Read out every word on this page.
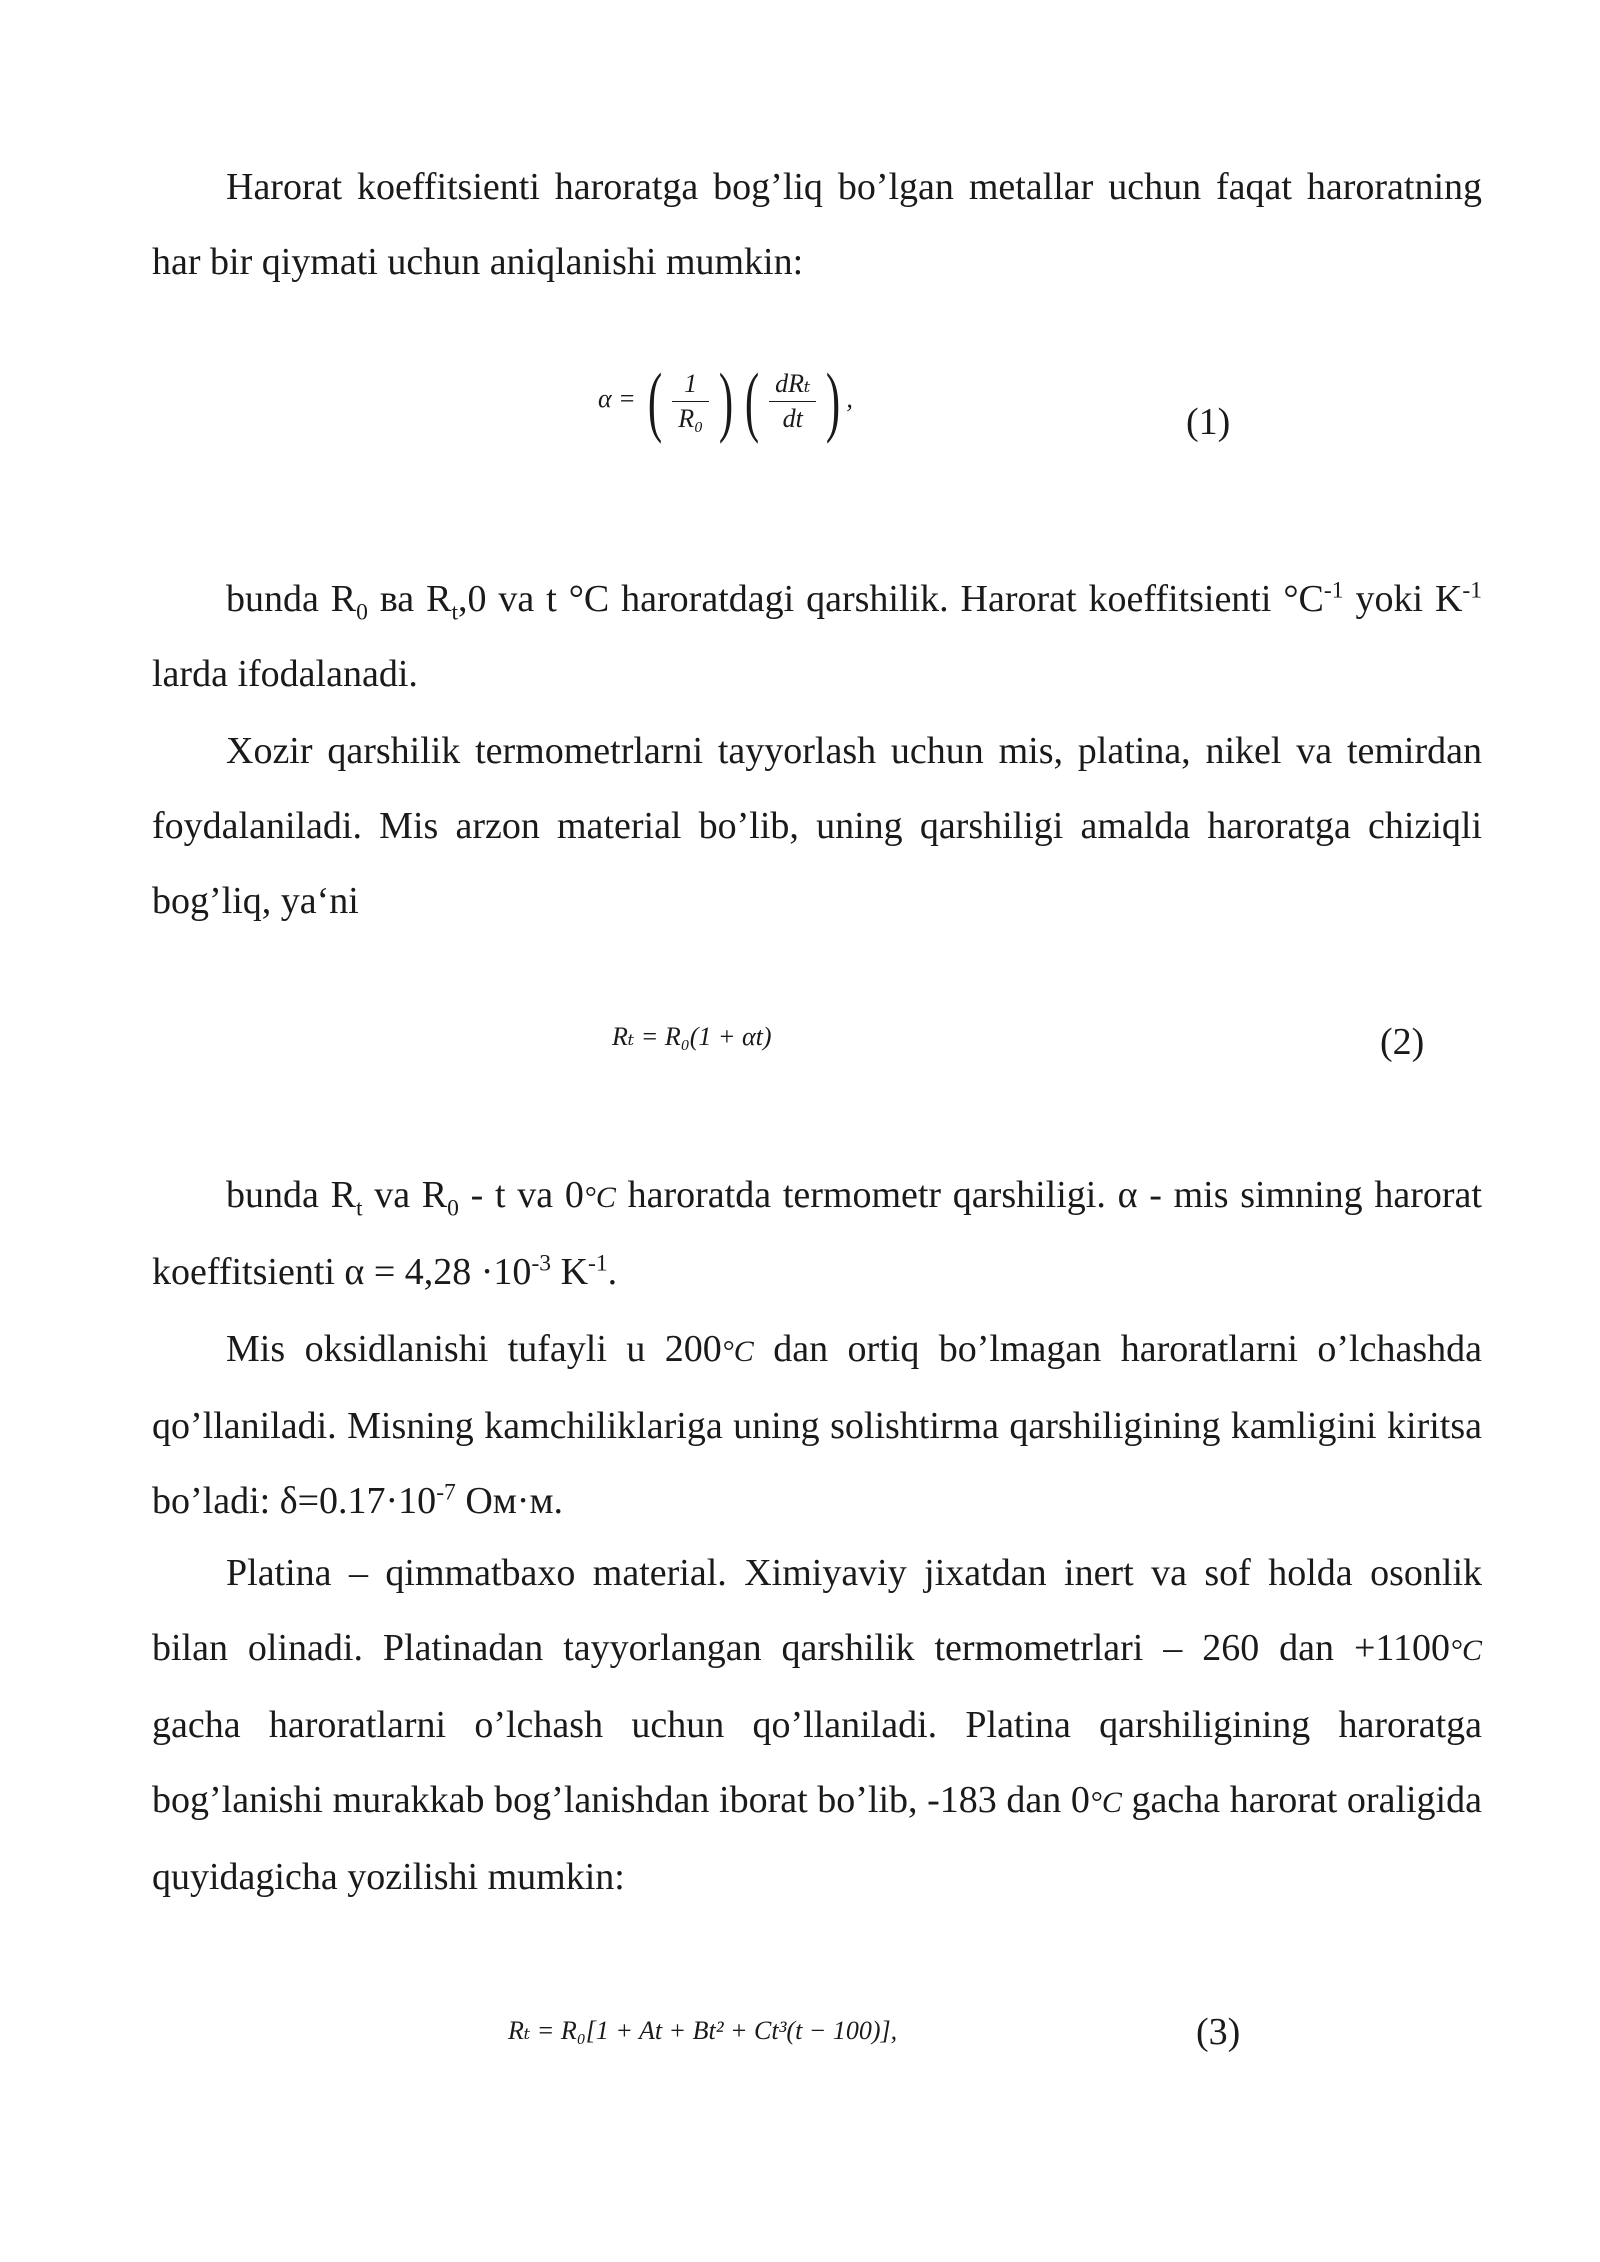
Harorat koeffitsienti haroratga bog’liq bo’lgan metallar uchun faqat haroratning har bir qiymati uchun aniqlanishi mumkin:

α = ( $\frac{1}{\text{R₀}}$ ) ( $\frac{\text{dRₜ}}{dt}$ ) ,
(1)

bunda $R_0$ ва $R_t,0$ va t °C haroratdagi qarshilik. Harorat koeffitsienti $^\circ C^{-1}$ yoki $K^{-1}$ larda ifodalanadi.

Xozir qarshilik termometrlarni tayyorlash uchun mis, platina, nikel va temirdan foydalaniladi. Mis arzon material bo’lib, uning qarshiligi amalda haroratga chiziqli bog’liq, ya‘ni

Rₜ = R₀(1 + αt)	(2)

bunda $R_t$ va $R_0$ - t va 0°C haroratda termometr qarshiligi. α - mis simning harorat koeffitsienti $\alpha = 4,28 \cdot 10^{-3}$ $K^{-1}$.

Mis oksidlanishi tufayli u 200°C dan ortiq bo’lmagan haroratlarni o’lchashda qo’llaniladi. Misning kamchiliklariga uning solishtirma qarshiligining kamligini kiritsa bo’ladi: $\delta=0.17\cdot 10^{-7}$ Ом·м.

Platina – qimmatbaxo material. Ximiyaviy jixatdan inert va sof holda osonlik bilan olinadi. Platinadan tayyorlangan qarshilik termometrlari – 260 dan +1100°C gacha haroratlarni o’lchash uchun qo’llaniladi. Platina qarshiligining haroratga bog’lanishi murakkab bog’lanishdan iborat bo’lib, -183 dan 0°C gacha harorat oraligida quyidagicha yozilishi mumkin:

Rₜ = R₀[1 + At + Bt² + Ct³(t − 100)],	(3)
